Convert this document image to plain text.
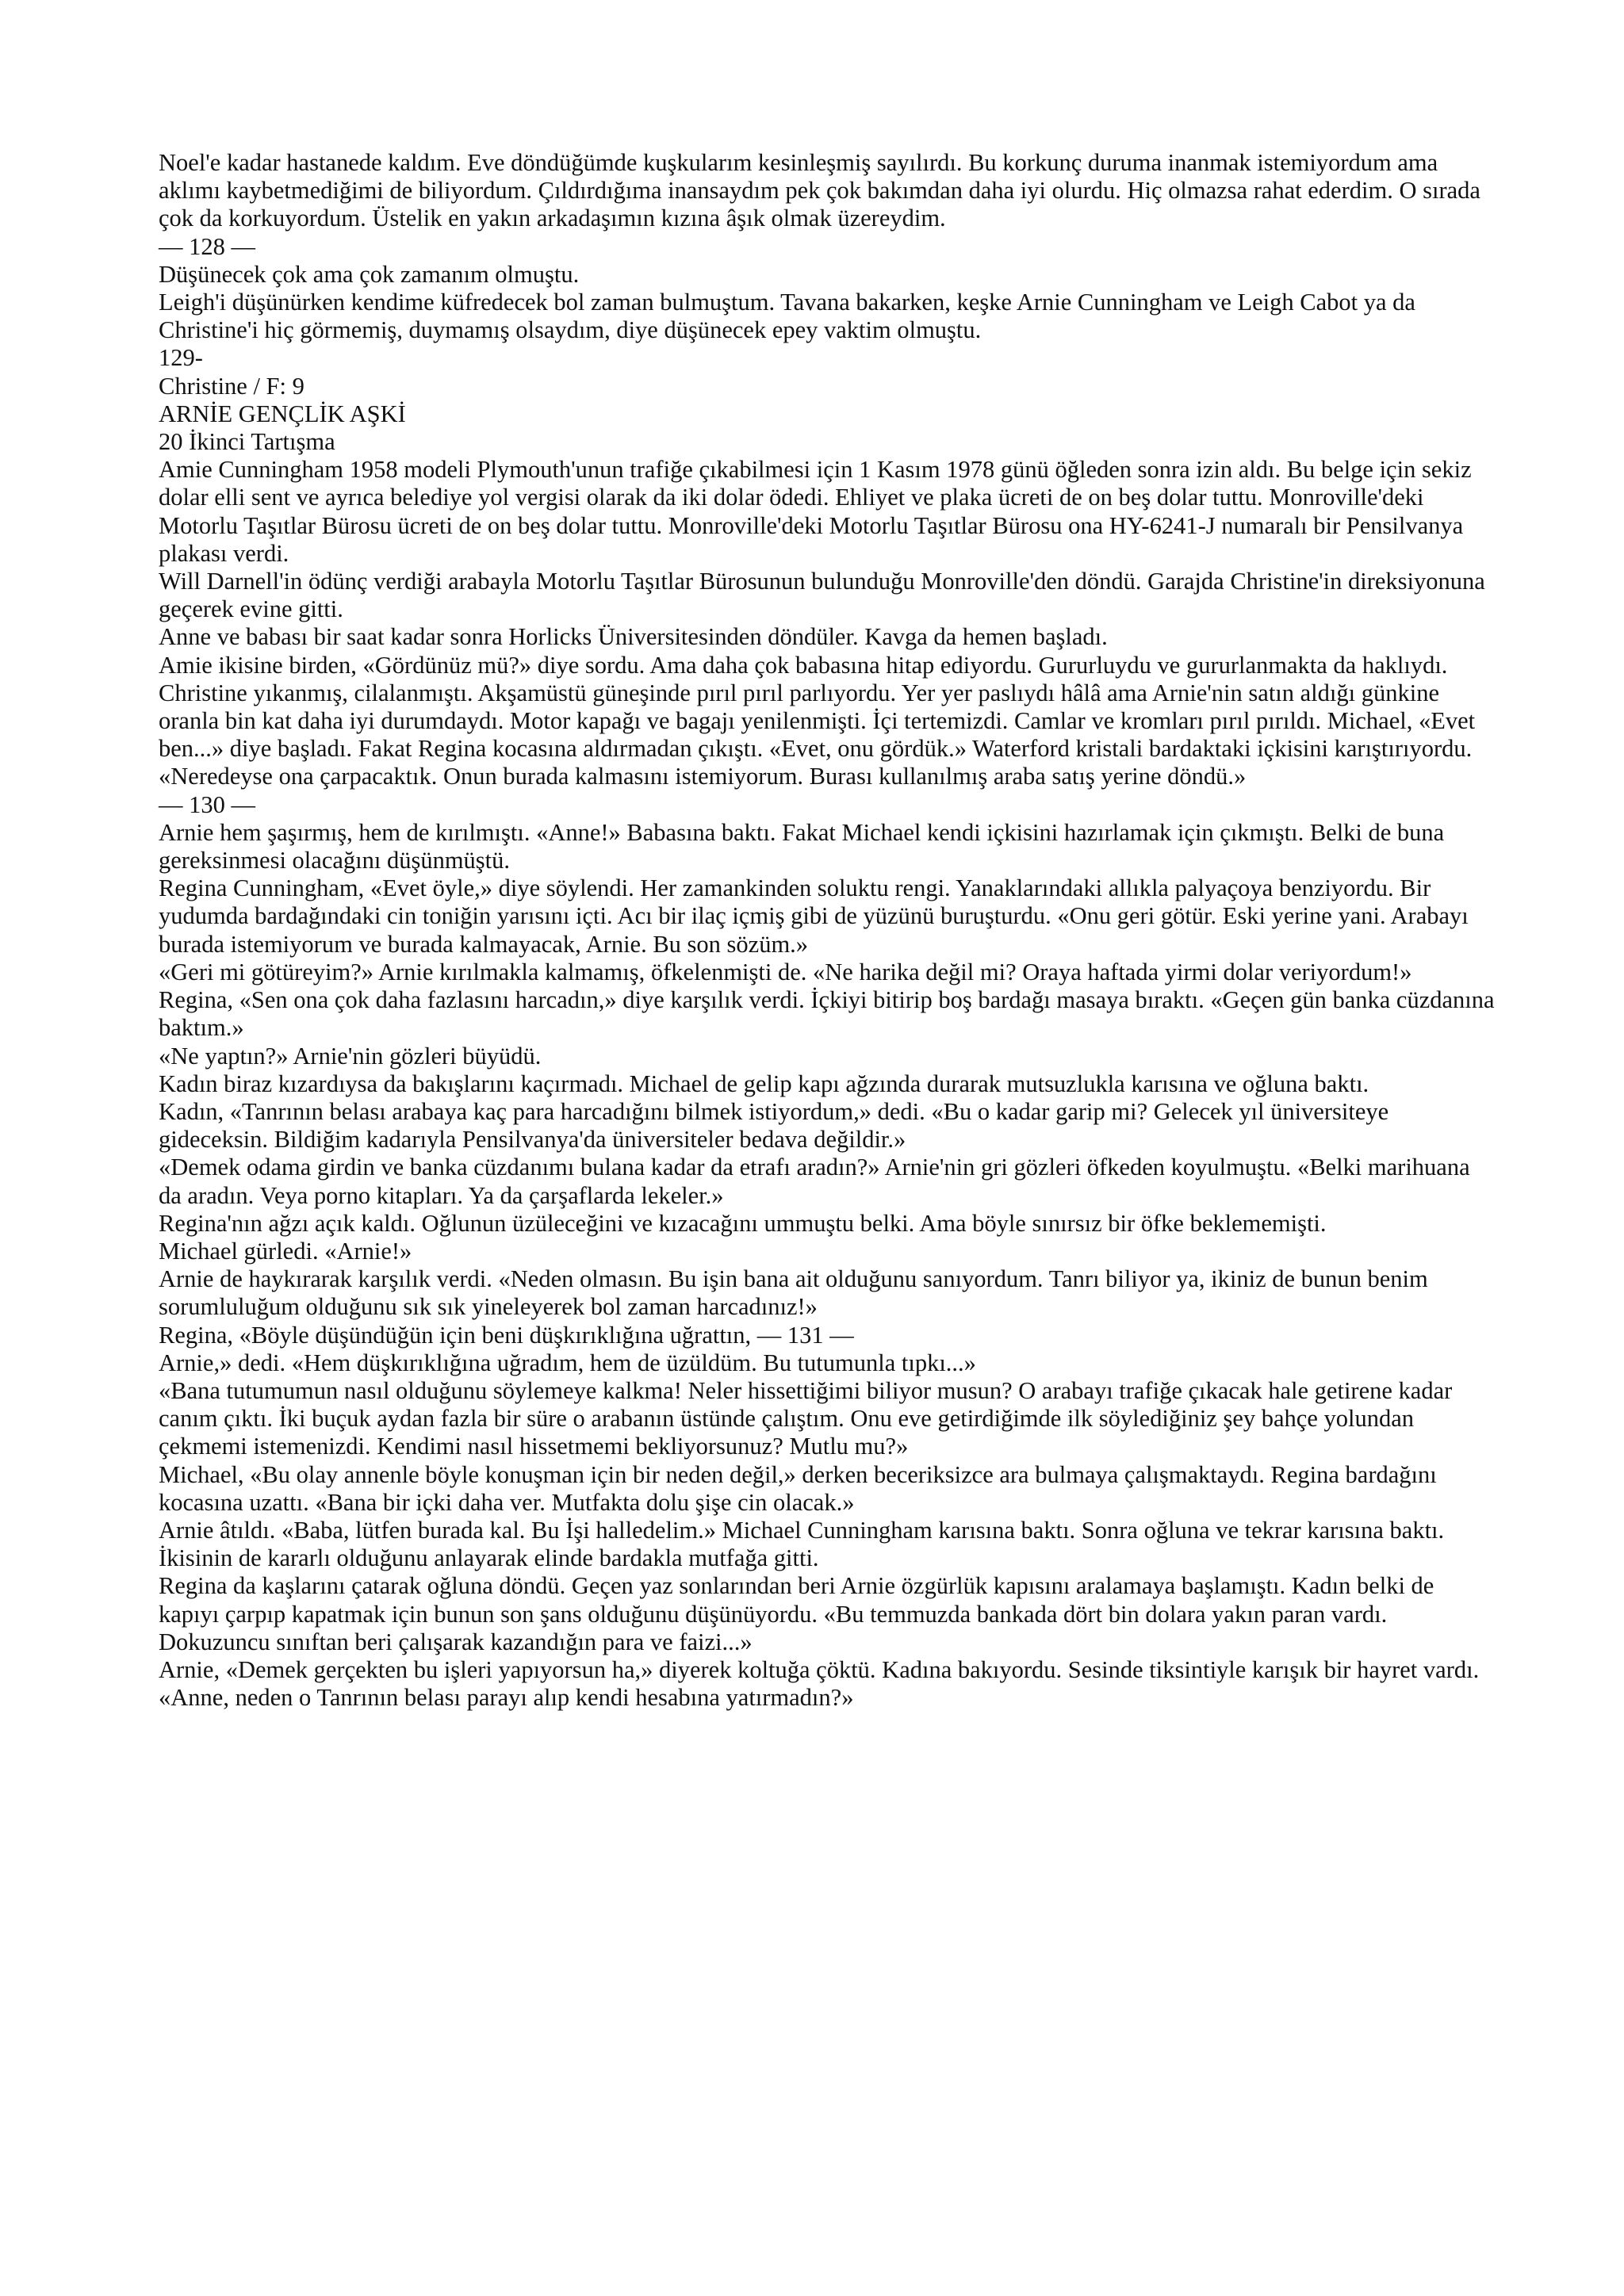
Noel'e kadar hastanede kaldım. Eve döndüğümde kuşkularım kesinleşmiş sayılırdı. Bu korkunç duruma inanmak istemiyordum ama aklımı kaybetmediğimi de biliyordum. Çıldırdığıma inansaydım pek çok bakımdan daha iyi olurdu. Hiç olmazsa rahat ederdim. O sırada çok da korkuyordum. Üstelik en yakın arkadaşımın kızına âşık olmak üzereydim.

— 128 —

Düşünecek çok ama çok zamanım olmuştu.

Leigh'i düşünürken kendime küfredecek bol zaman bulmuştum. Tavana bakarken, keşke Arnie Cunningham ve Leigh Cabot ya da Christine'i hiç görmemiş, duymamış olsaydım, diye düşünecek epey vaktim olmuştu.

129-

Christine / F: 9

ARNİE GENÇLİK AŞKİ

20 İkinci Tartışma

Amie Cunningham 1958 modeli Plymouth'unun trafiğe çıkabilmesi için 1 Kasım 1978 günü öğleden sonra izin aldı. Bu belge için sekiz dolar elli sent ve ayrıca belediye yol vergisi olarak da iki dolar ödedi. Ehliyet ve plaka ücreti de on beş dolar tuttu. Monroville'deki Motorlu Taşıtlar Bürosu ücreti de on beş dolar tuttu. Monroville'deki Motorlu Taşıtlar Bürosu ona HY-6241-J numaralı bir Pensilvanya plakası verdi.

Will Darnell'in ödünç verdiği arabayla Motorlu Taşıtlar Bürosunun bulunduğu Monroville'den döndü. Garajda Christine'in direksiyonuna geçerek evine gitti.

Anne ve babası bir saat kadar sonra Horlicks Üniversitesinden döndüler. Kavga da hemen başladı.

Amie ikisine birden, «Gördünüz mü?» diye sordu. Ama daha çok babasına hitap ediyordu. Gururluydu ve gururlanmakta da haklıydı. Christine yıkanmış, cilalanmıştı. Akşamüstü güneşinde pırıl pırıl parlıyordu. Yer yer paslıydı hâlâ ama Arnie'nin satın aldığı günkine oranla bin kat daha iyi durumdaydı. Motor kapağı ve bagajı yenilenmişti. İçi tertemizdi. Camlar ve kromları pırıl pırıldı. Michael, «Evet ben...» diye başladı. Fakat Regina kocasına aldırmadan çıkıştı. «Evet, onu gördük.» Waterford kristali bardaktaki içkisini karıştırıyordu. «Neredeyse ona çarpacaktık. Onun burada kalmasını istemiyorum. Burası kullanılmış araba satış yerine döndü.»

— 130 —

Arnie hem şaşırmış, hem de kırılmıştı. «Anne!» Babasına baktı. Fakat Michael kendi içkisini hazırlamak için çıkmıştı. Belki de buna gereksinmesi olacağını düşünmüştü.

Regina Cunningham, «Evet öyle,» diye söylendi. Her zamankinden soluktu rengi. Yanaklarındaki allıkla palyaçoya benziyordu. Bir yudumda bardağındaki cin toniğin yarısını içti. Acı bir ilaç içmiş gibi de yüzünü buruşturdu. «Onu geri götür. Eski yerine yani. Arabayı burada istemiyorum ve burada kalmayacak, Arnie. Bu son sözüm.»

«Geri mi götüreyim?» Arnie kırılmakla kalmamış, öfkelenmişti de. «Ne harika değil mi? Oraya haftada yirmi dolar veriyordum!»

Regina, «Sen ona çok daha fazlasını harcadın,» diye karşılık verdi. İçkiyi bitirip boş bardağı masaya bıraktı. «Geçen gün banka cüzdanına baktım.»

«Ne yaptın?» Arnie'nin gözleri büyüdü.

Kadın biraz kızardıysa da bakışlarını kaçırmadı. Michael de gelip kapı ağzında durarak mutsuzlukla karısına ve oğluna baktı.

Kadın, «Tanrının belası arabaya kaç para harcadığını bilmek istiyordum,» dedi. «Bu o kadar garip mi? Gelecek yıl üniversiteye gideceksin. Bildiğim kadarıyla Pensilvanya'da üniversiteler bedava değildir.»

«Demek odama girdin ve banka cüzdanımı bulana kadar da etrafı aradın?» Arnie'nin gri gözleri öfkeden koyulmuştu. «Belki marihuana da aradın. Veya porno kitapları. Ya da çarşaflarda lekeler.»

Regina'nın ağzı açık kaldı. Oğlunun üzüleceğini ve kızacağını ummuştu belki. Ama böyle sınırsız bir öfke beklememişti.

Michael gürledi. «Arnie!»

Arnie de haykırarak karşılık verdi. «Neden olmasın. Bu işin bana ait olduğunu sanıyordum. Tanrı biliyor ya, ikiniz de bunun benim sorumluluğum olduğunu sık sık yineleyerek bol zaman harcadınız!»

Regina, «Böyle düşündüğün için beni düşkırıklığına uğrattın, — 131 —

Arnie,» dedi. «Hem düşkırıklığına uğradım, hem de üzüldüm. Bu tutumunla tıpkı...»

«Bana tutumumun nasıl olduğunu söylemeye kalkma! Neler hissettiğimi biliyor musun? O arabayı trafiğe çıkacak hale getirene kadar canım çıktı. İki buçuk aydan fazla bir süre o arabanın üstünde çalıştım. Onu eve getirdiğimde ilk söylediğiniz şey bahçe yolundan çekmemi istemenizdi. Kendimi nasıl hissetmemi bekliyorsunuz? Mutlu mu?»

Michael, «Bu olay annenle böyle konuşman için bir neden değil,» derken beceriksizce ara bulmaya çalışmaktaydı. Regina bardağını kocasına uzattı. «Bana bir içki daha ver. Mutfakta dolu şişe cin olacak.»

Arnie âtıldı. «Baba, lütfen burada kal. Bu İşi halledelim.» Michael Cunningham karısına baktı. Sonra oğluna ve tekrar karısına baktı. İkisinin de kararlı olduğunu anlayarak elinde bardakla mutfağa gitti.

Regina da kaşlarını çatarak oğluna döndü. Geçen yaz sonlarından beri Arnie özgürlük kapısını aralamaya başlamıştı. Kadın belki de kapıyı çarpıp kapatmak için bunun son şans olduğunu düşünüyordu. «Bu temmuzda bankada dört bin dolara yakın paran vardı. Dokuzuncu sınıftan beri çalışarak kazandığın para ve faizi...»

Arnie, «Demek gerçekten bu işleri yapıyorsun ha,» diyerek koltuğa çöktü. Kadına bakıyordu. Sesinde tiksintiyle karışık bir hayret vardı. «Anne, neden o Tanrının belası parayı alıp kendi hesabına yatırmadın?»
